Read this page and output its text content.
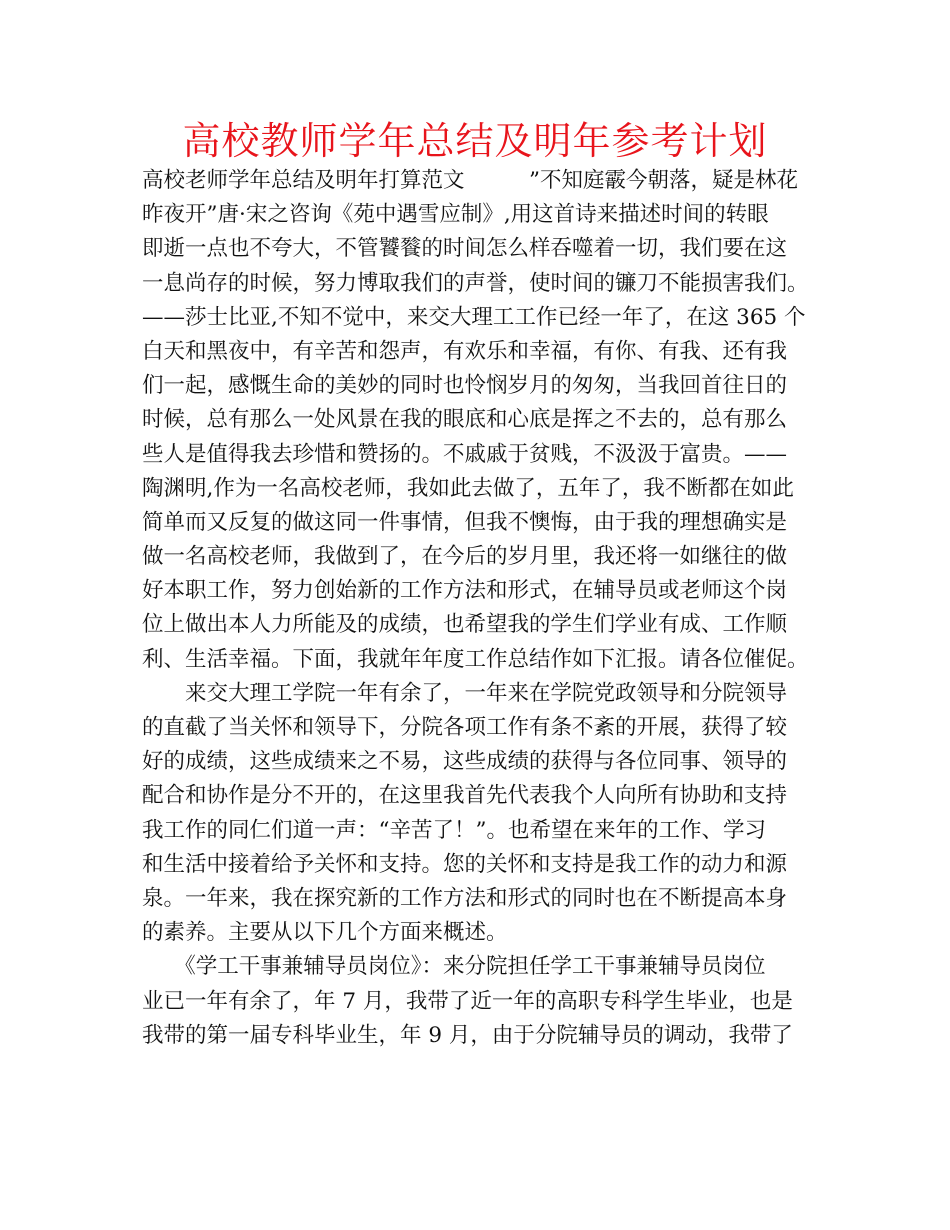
高校教师学年总结及明年参考计划
高校老师学年总结及明年打算范文　　　”不知庭霰今朝落，疑是林花
昨夜开”唐·宋之咨询《苑中遇雪应制》,用这首诗来描述时间的转眼
即逝一点也不夸大，不管饕餮的时间怎么样吞噬着一切，我们要在这
一息尚存的时候，努力博取我们的声誉，使时间的镰刀不能损害我们。
——莎士比亚,不知不觉中，来交大理工工作已经一年了，在这 365 个
白天和黑夜中，有辛苦和怨声，有欢乐和幸福，有你、有我、还有我
们一起，感慨生命的美妙的同时也怜悯岁月的匆匆，当我回首往日的
时候，总有那么一处风景在我的眼底和心底是挥之不去的，总有那么
些人是值得我去珍惜和赞扬的。不戚戚于贫贱，不汲汲于富贵。——
陶渊明,作为一名高校老师，我如此去做了，五年了，我不断都在如此
简单而又反复的做这同一件事情，但我不懊悔，由于我的理想确实是
做一名高校老师，我做到了，在今后的岁月里，我还将一如继往的做
好本职工作，努力创始新的工作方法和形式，在辅导员或老师这个岗
位上做出本人力所能及的成绩，也希望我的学生们学业有成、工作顺
利、生活幸福。下面，我就年年度工作总结作如下汇报。请各位催促。
　　来交大理工学院一年有余了，一年来在学院党政领导和分院领导
的直截了当关怀和领导下，分院各项工作有条不紊的开展，获得了较
好的成绩，这些成绩来之不易，这些成绩的获得与各位同事、领导的
配合和协作是分不开的，在这里我首先代表我个人向所有协助和支持
我工作的同仁们道一声：“辛苦了！”。也希望在来年的工作、学习
和生活中接着给予关怀和支持。您的关怀和支持是我工作的动力和源
泉。一年来，我在探究新的工作方法和形式的同时也在不断提高本身
的素养。主要从以下几个方面来概述。
　　《学工干事兼辅导员岗位》：来分院担任学工干事兼辅导员岗位
业已一年有余了，年 7 月，我带了近一年的高职专科学生毕业，也是
我带的第一届专科毕业生，年 9 月，由于分院辅导员的调动，我带了
